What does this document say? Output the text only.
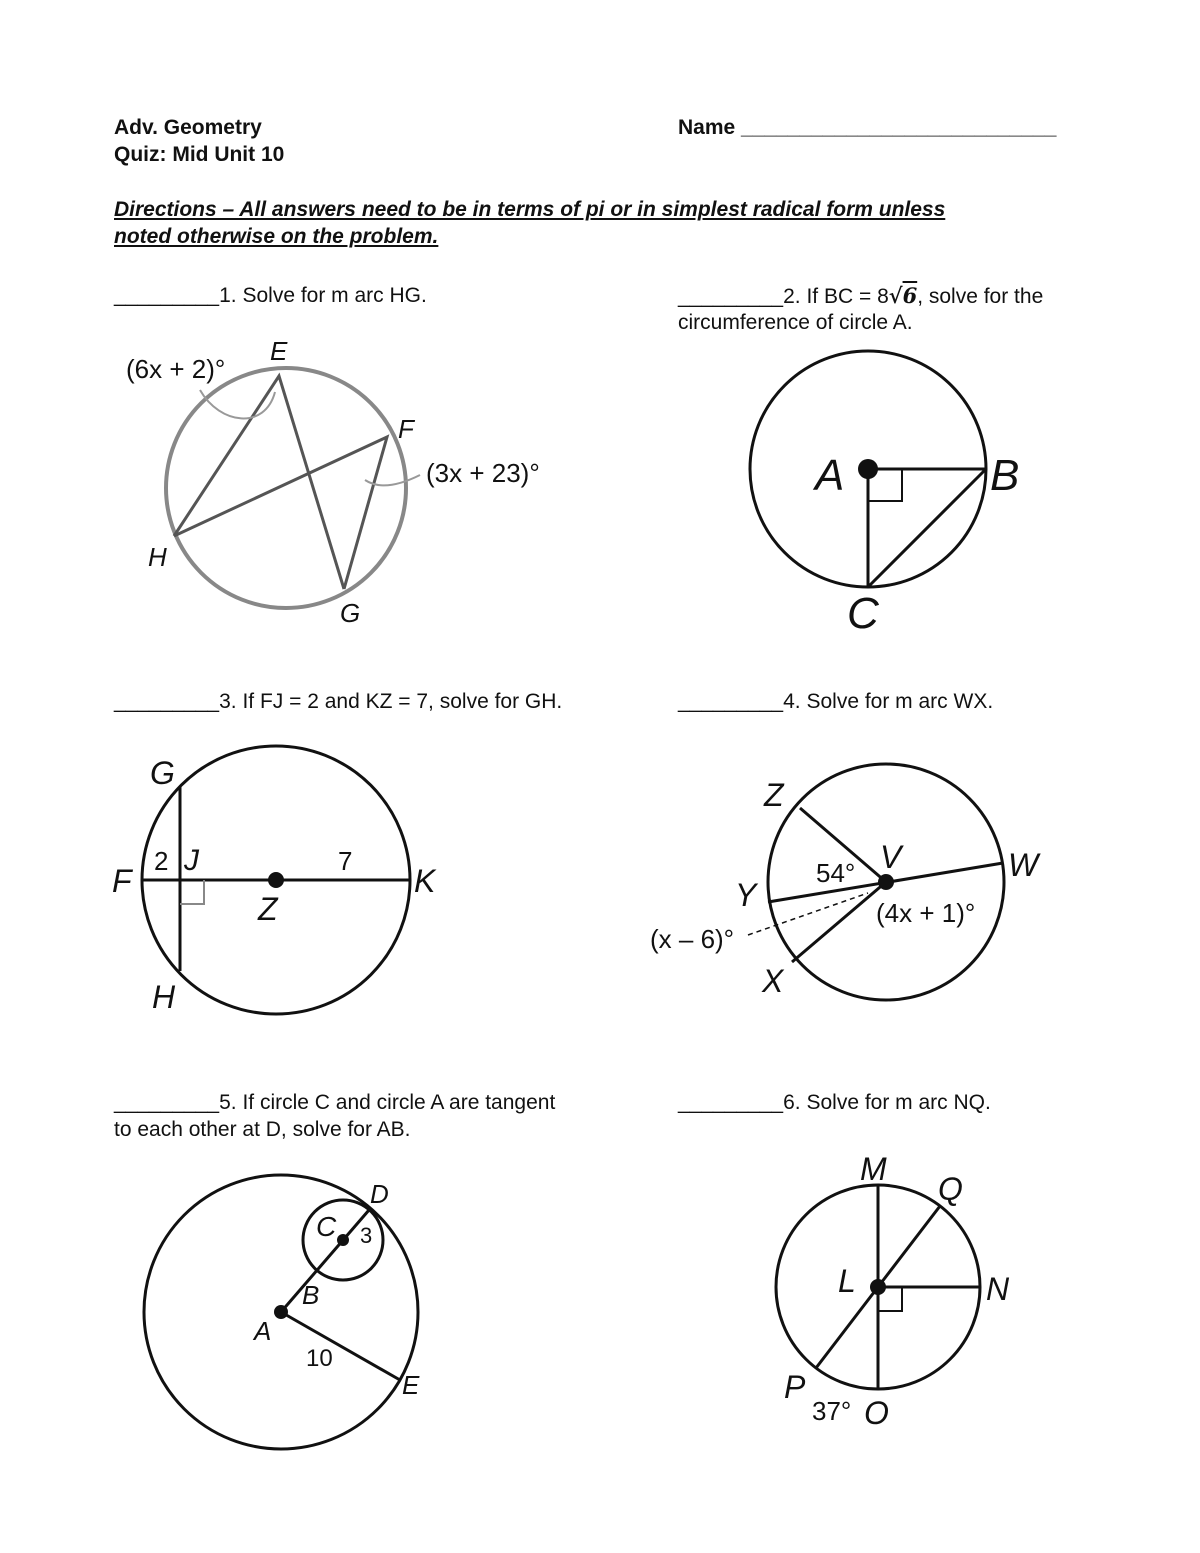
Adv. Geometry
Quiz: Mid Unit 10
Name ___________________________
Directions – All answers need to be in terms of pi or in simplest radical form unless
noted otherwise on the problem.
_________1. Solve for m arc HG.	_________2. If BC = 8√6, solve for the
circumference of circle A.
_________3. If FJ = 2 and KZ = 7, solve for GH.	_________4. Solve for m arc WX.
_________5. If circle C and circle A are tangent
to each other at D, solve for AB.
_________6. Solve for m arc NQ.
E
F
H
G
(6x + 2)°
(3x + 23)°	A	B
C
G
F
J
Z
K
H
2	7
Z
V	W
Y
X
54°
(4x + 1)°
(x – 6)°
C
D
B
A
E
3
10
M
Q
L	N
P
O
37°
